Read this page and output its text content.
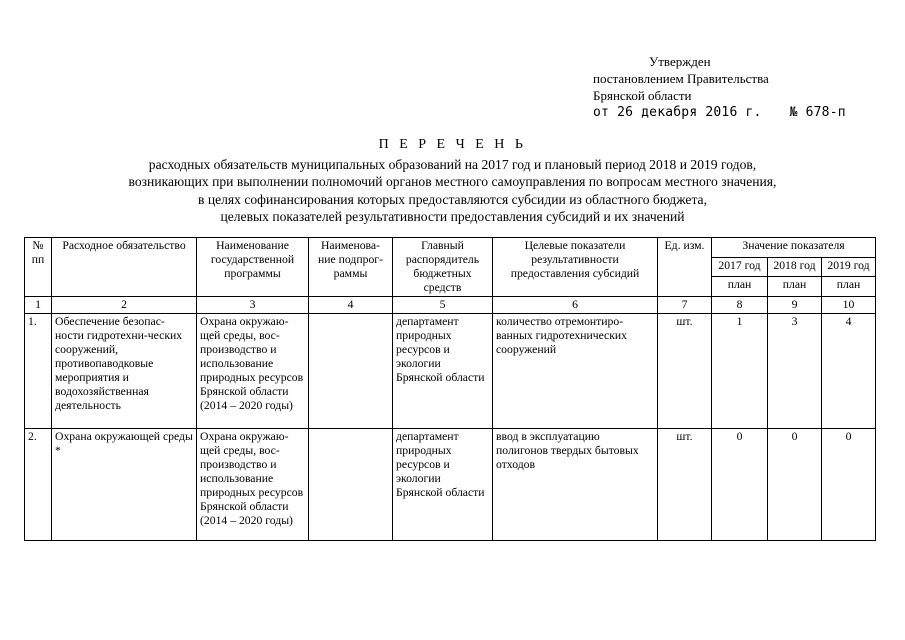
Утвержден
постановлением Правительства
Брянской области
от 26 декабря 2016 г. № 678-п
П Е Р Е Ч Е Н Ь
расходных обязательств муниципальных образований на 2017 год и плановый период 2018 и 2019 годов,
возникающих при выполнении полномочий органов местного самоуправления по вопросам местного значения,
в целях софинансирования которых предоставляются субсидии из областного бюджета,
целевых показателей результативности предоставления субсидий и их значений
№ пп	Расходное обязательство	Наименование государственной программы	Наименова- ние подпрог- раммы	Главный распорядитель бюджетных средств	Целевые показатели результативности предоставления субсидий	Ед. изм.	Значение показателя		
							2017 год	2018 год	2019 год
							план	план	план
1	2	3	4	5	6	7	8	9	10
1.	Обеспечение безопас-ности гидротехни-ческих сооружений, противопаводковые мероприятия и водохозяйственная деятельность	Охрана окружаю-щей среды, вос-производство и использование природных ресурсов Брянской области (2014 – 2020 годы)		департамент природных ресурсов и экологии Брянской области	количество отремонтиро-ванных гидротехнических сооружений	шт.	1	3	4
2.	Охрана окружающей среды *	Охрана окружаю-щей среды, вос-производство и использование природных ресурсов Брянской области (2014 – 2020 годы)		департамент природных ресурсов и экологии Брянской области	ввод в эксплуатацию полигонов твердых бытовых отходов	шт.	0	0	0
